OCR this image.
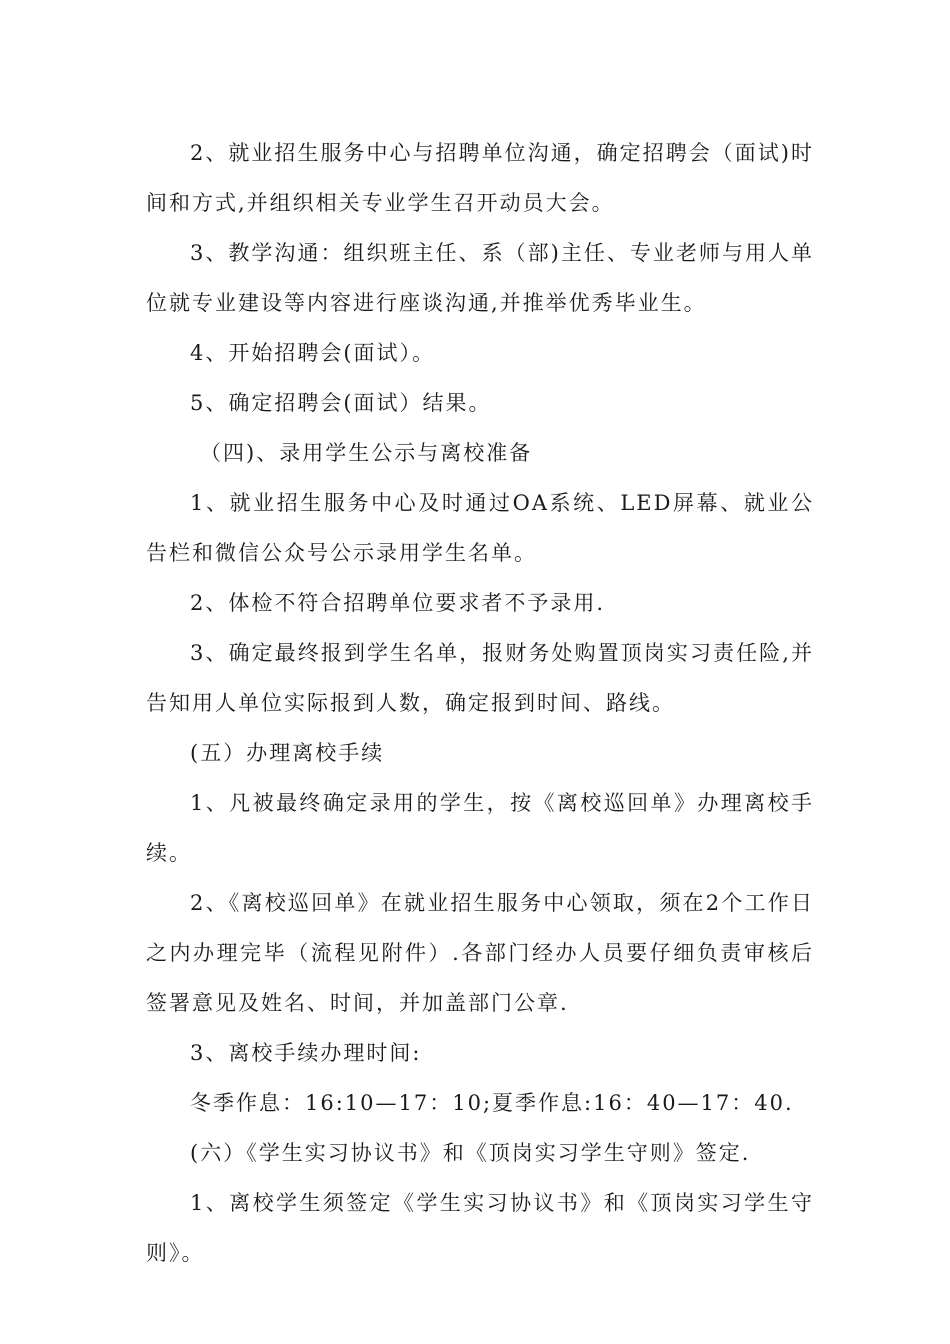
2、就业招生服务中心与招聘单位沟通，确定招聘会（面试)时间和方式,并组织相关专业学生召开动员大会。

3、教学沟通：组织班主任、系（部)主任、专业老师与用人单位就专业建设等内容进行座谈沟通,并推举优秀毕业生。

4、开始招聘会(面试）。

5、确定招聘会(面试）结果。

（四)、录用学生公示与离校准备

1、就业招生服务中心及时通过OA系统、LED屏幕、就业公告栏和微信公众号公示录用学生名单。

2、体检不符合招聘单位要求者不予录用.

3、确定最终报到学生名单，报财务处购置顶岗实习责任险,并告知用人单位实际报到人数，确定报到时间、路线。

(五）办理离校手续

1、凡被最终确定录用的学生，按《离校巡回单》办理离校手续。

2、《离校巡回单》在就业招生服务中心领取，须在2个工作日之内办理完毕（流程见附件）.各部门经办人员要仔细负责审核后签署意见及姓名、时间，并加盖部门公章.

3、离校手续办理时间:

冬季作息：16:10—17：10;夏季作息:16：40—17：40.

(六）《学生实习协议书》和《顶岗实习学生守则》签定.

1、离校学生须签定《学生实习协议书》和《顶岗实习学生守则》。
